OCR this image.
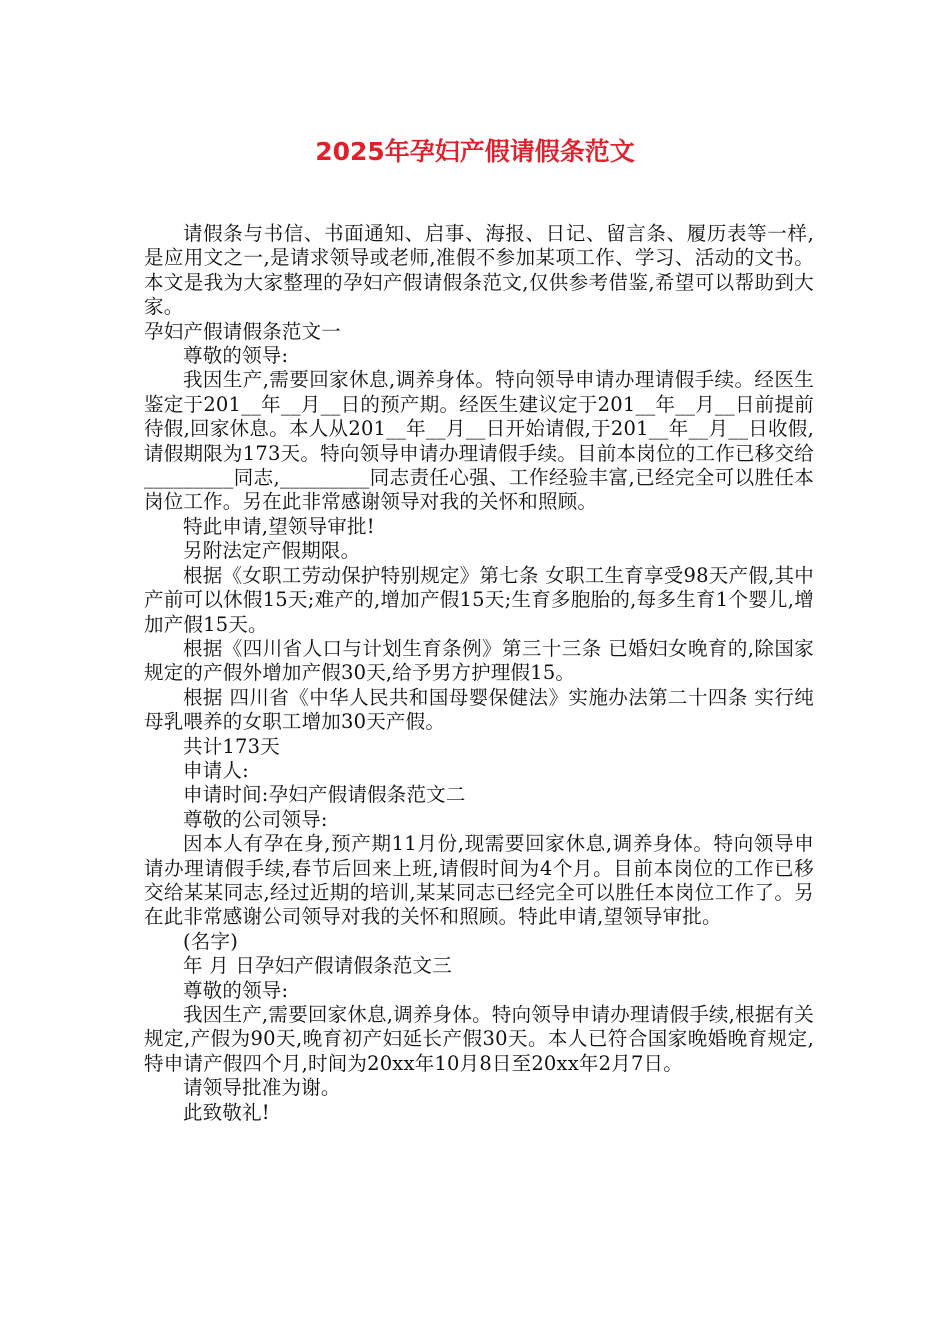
2025年孕妇产假请假条范文

请假条与书信、书面通知、启事、海报、日记、留言条、履历表等一样,是应用文之一,是请求领导或老师,准假不参加某项工作、学习、活动的文书。本文是我为大家整理的孕妇产假请假条范文,仅供参考借鉴,希望可以帮助到大家。

孕妇产假请假条范文一

尊敬的领导:

我因生产,需要回家休息,调养身体。特向领导申请办理请假手续。经医生鉴定于201__年__月__日的预产期。经医生建议定于201__年__月__日前提前待假,回家休息。本人从201__年__月__日开始请假,于201__年__月__日收假,请假期限为173天。特向领导申请办理请假手续。目前本岗位的工作已移交给_________同志,_________同志责任心强、工作经验丰富,已经完全可以胜任本岗位工作。另在此非常感谢领导对我的关怀和照顾。

特此申请,望领导审批!

另附法定产假期限。

根据《女职工劳动保护特别规定》第七条 女职工生育享受98天产假,其中产前可以休假15天;难产的,增加产假15天;生育多胞胎的,每多生育1个婴儿,增加产假15天。

根据《四川省人口与计划生育条例》第三十三条 已婚妇女晚育的,除国家规定的产假外增加产假30天,给予男方护理假15。

根据 四川省《中华人民共和国母婴保健法》实施办法第二十四条 实行纯母乳喂养的女职工增加30天产假。

共计173天

申请人:

申请时间:孕妇产假请假条范文二

尊敬的公司领导:

因本人有孕在身,预产期11月份,现需要回家休息,调养身体。特向领导申请办理请假手续,春节后回来上班,请假时间为4个月。目前本岗位的工作已移交给某某同志,经过近期的培训,某某同志已经完全可以胜任本岗位工作了。另在此非常感谢公司领导对我的关怀和照顾。特此申请,望领导审批。

(名字)

年 月 日孕妇产假请假条范文三

尊敬的领导:

我因生产,需要回家休息,调养身体。特向领导申请办理请假手续,根据有关规定,产假为90天,晚育初产妇延长产假30天。本人已符合国家晚婚晚育规定,特申请产假四个月,时间为20xx年10月8日至20xx年2月7日。

请领导批准为谢。

此致敬礼!
